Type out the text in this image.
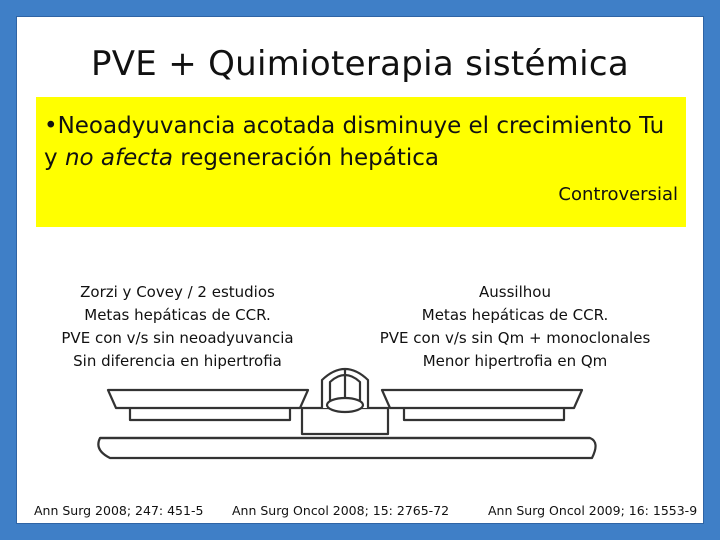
PVE + Quimioterapia sistémica
•Neoadyuvancia acotada disminuye el crecimiento Tu y no afecta regeneración hepática
Controversial
Zorzi y Covey / 2 estudios
Metas hepáticas de CCR.
PVE con v/s sin neoadyuvancia
Sin diferencia en hipertrofia
Aussilhou
Metas hepáticas de CCR.
PVE con v/s sin Qm + monoclonales
Menor hipertrofia en Qm
Ann Surg 2008; 247: 451-5 Ann Surg Oncol 2008; 15: 2765-72	Ann Surg Oncol 2009; 16: 1553-9
